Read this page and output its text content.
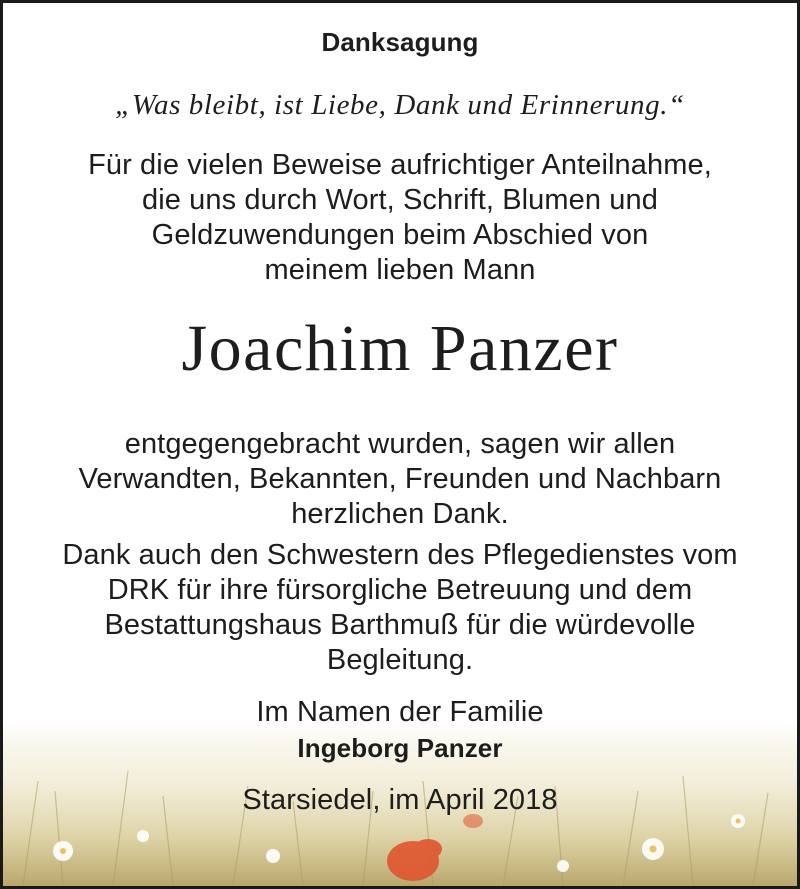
Danksagung
„Was bleibt, ist Liebe, Dank und Erinnerung.“
Für die vielen Beweise aufrichtiger Anteilnahme,
die uns durch Wort, Schrift, Blumen und
Geldzuwendungen beim Abschied von
meinem lieben Mann
Joachim Panzer
entgegengebracht wurden, sagen wir allen
Verwandten, Bekannten, Freunden und Nachbarn
herzlichen Dank.
Dank auch den Schwestern des Pflegedienstes vom
DRK für ihre fürsorgliche Betreuung und dem
Bestattungshaus Barthmuß für die würdevolle
Begleitung.
Im Namen der Familie
Ingeborg Panzer
Starsiedel, im April 2018
